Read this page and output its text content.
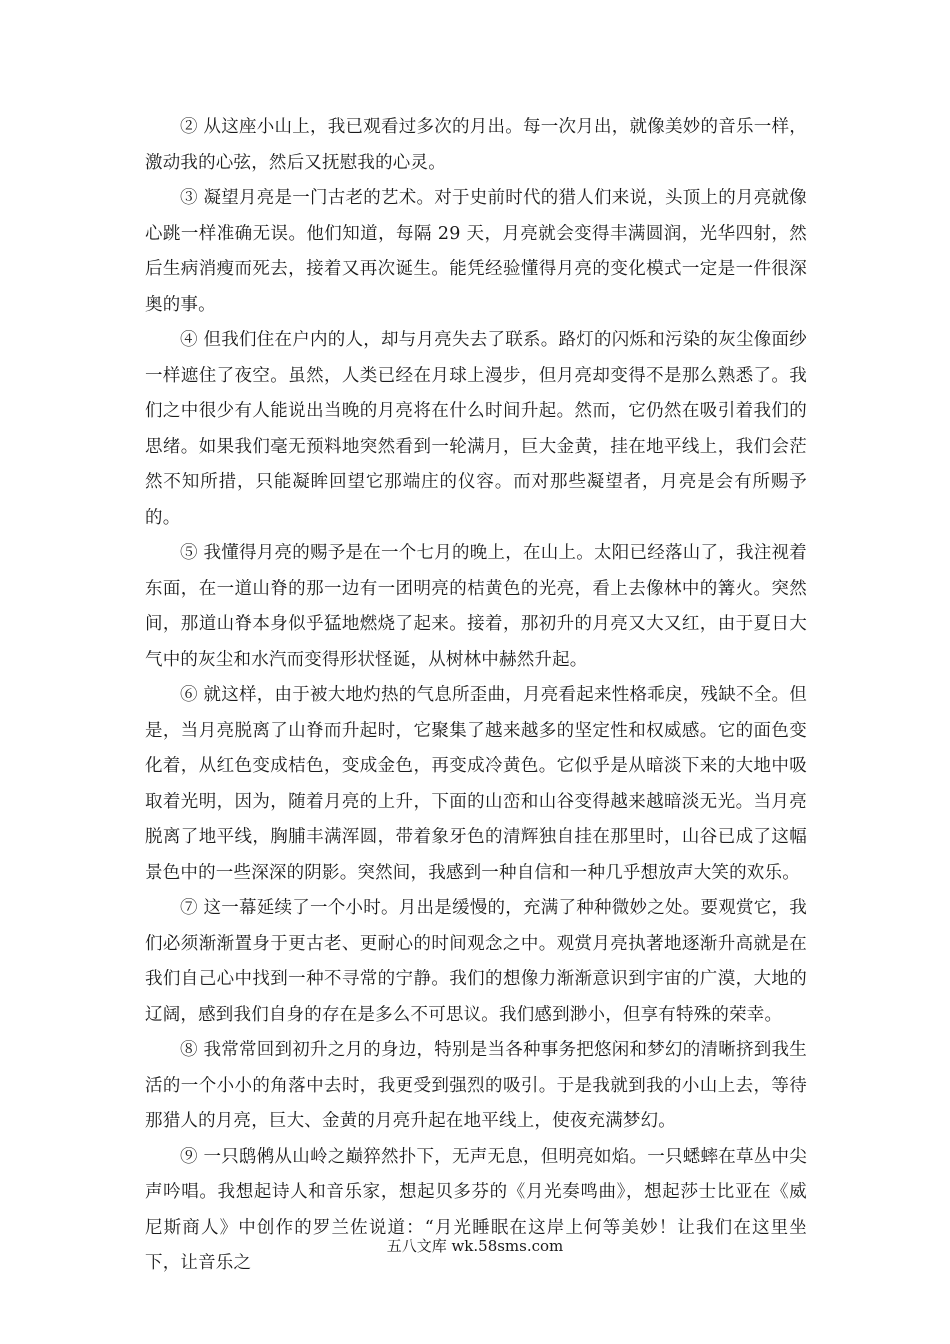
② 从这座小山上，我已观看过多次的月出。每一次月出，就像美妙的音乐一样，激动我的心弦，然后又抚慰我的心灵。

③ 凝望月亮是一门古老的艺术。对于史前时代的猎人们来说，头顶上的月亮就像心跳一样准确无误。他们知道，每隔 29 天，月亮就会变得丰满圆润，光华四射，然后生病消瘦而死去，接着又再次诞生。能凭经验懂得月亮的变化模式一定是一件很深奥的事。

④ 但我们住在户内的人，却与月亮失去了联系。路灯的闪烁和污染的灰尘像面纱一样遮住了夜空。虽然，人类已经在月球上漫步，但月亮却变得不是那么熟悉了。我们之中很少有人能说出当晚的月亮将在什么时间升起。然而，它仍然在吸引着我们的思绪。如果我们毫无预料地突然看到一轮满月，巨大金黄，挂在地平线上，我们会茫然不知所措，只能凝眸回望它那端庄的仪容。而对那些凝望者，月亮是会有所赐予的。

⑤ 我懂得月亮的赐予是在一个七月的晚上，在山上。太阳已经落山了，我注视着东面，在一道山脊的那一边有一团明亮的桔黄色的光亮，看上去像林中的篝火。突然间，那道山脊本身似乎猛地燃烧了起来。接着，那初升的月亮又大又红，由于夏日大气中的灰尘和水汽而变得形状怪诞，从树林中赫然升起。

⑥ 就这样，由于被大地灼热的气息所歪曲，月亮看起来性格乖戾，残缺不全。但是，当月亮脱离了山脊而升起时，它聚集了越来越多的坚定性和权威感。它的面色变化着，从红色变成桔色，变成金色，再变成冷黄色。它似乎是从暗淡下来的大地中吸取着光明，因为，随着月亮的上升，下面的山峦和山谷变得越来越暗淡无光。当月亮脱离了地平线，胸脯丰满浑圆，带着象牙色的清辉独自挂在那里时，山谷已成了这幅景色中的一些深深的阴影。突然间，我感到一种自信和一种几乎想放声大笑的欢乐。

⑦ 这一幕延续了一个小时。月出是缓慢的，充满了种种微妙之处。要观赏它，我们必须渐渐置身于更古老、更耐心的时间观念之中。观赏月亮执著地逐渐升高就是在我们自己心中找到一种不寻常的宁静。我们的想像力渐渐意识到宇宙的广漠，大地的辽阔，感到我们自身的存在是多么不可思议。我们感到渺小，但享有特殊的荣幸。

⑧ 我常常回到初升之月的身边，特别是当各种事务把悠闲和梦幻的清晰挤到我生活的一个小小的角落中去时，我更受到强烈的吸引。于是我就到我的小山上去，等待那猎人的月亮，巨大、金黄的月亮升起在地平线上，使夜充满梦幻。

⑨ 一只鸱鸺从山岭之巅猝然扑下，无声无息，但明亮如焰。一只蟋蟀在草丛中尖声吟唱。我想起诗人和音乐家，想起贝多芬的《月光奏鸣曲》，想起莎士比亚在《威尼斯商人》中创作的罗兰佐说道：“月光睡眠在这岸上何等美妙！让我们在这里坐下，让音乐之

五八文库 wk.58sms.com
